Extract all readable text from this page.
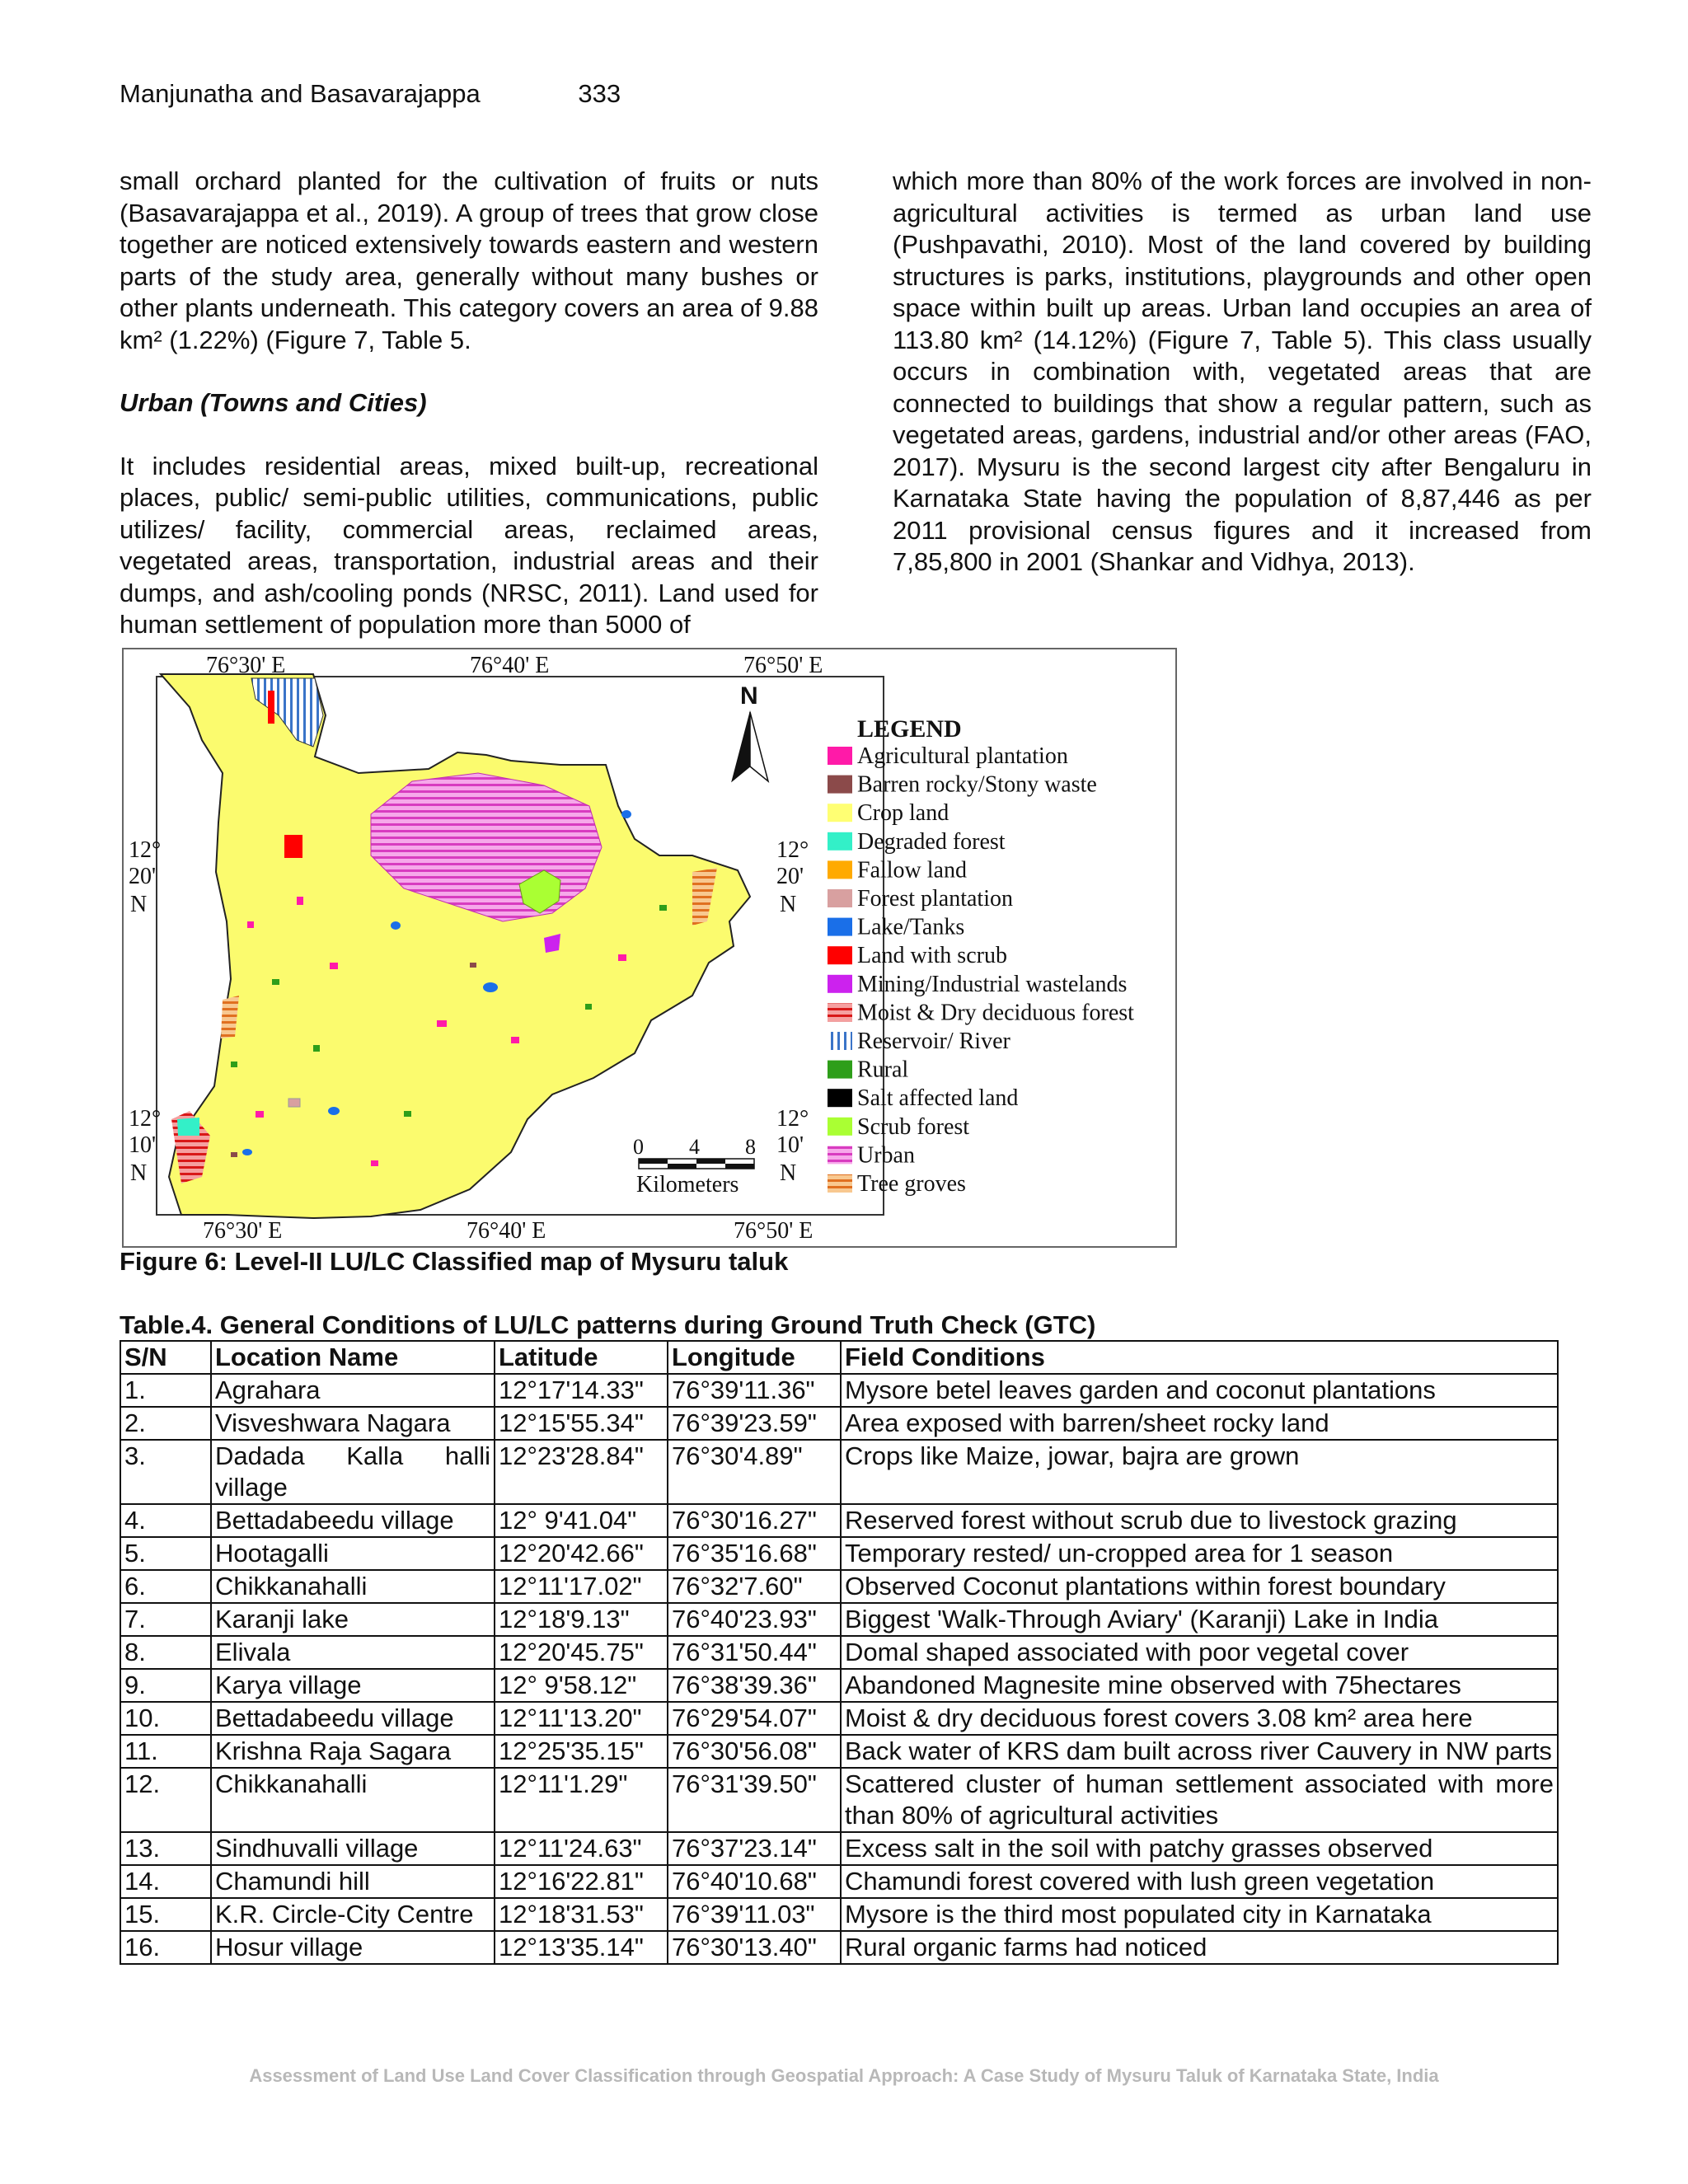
Manjunatha and Basavarajappa	333

small orchard planted for the cultivation of fruits or nuts (Basavarajappa et al., 2019). A group of trees that grow close together are noticed extensively towards eastern and western parts of the study area, generally without many bushes or other plants underneath. This category covers an area of 9.88 km² (1.22%) (Figure 7, Table 5.

Urban (Towns and Cities)

It includes residential areas, mixed built-up, recreational places, public/ semi-public utilities, communications, public utilizes/ facility, commercial areas, reclaimed areas, vegetated areas, transportation, industrial areas and their dumps, and ash/cooling ponds (NRSC, 2011). Land used for human settlement of population more than 5000 of

which more than 80% of the work forces are involved in non-agricultural activities is termed as urban land use (Pushpavathi, 2010). Most of the land covered by building structures is parks, institutions, playgrounds and other open space within built up areas. Urban land occupies an area of 113.80 km² (14.12%) (Figure 7, Table 5). This class usually occurs in combination with, vegetated areas that are connected to buildings that show a regular pattern, such as vegetated areas, gardens, industrial and/or other areas (FAO, 2017). Mysuru is the second largest city after Bengaluru in Karnataka State having the population of 8,87,446 as per 2011 provisional census figures and it increased from 7,85,800 in 2001 (Shankar and Vidhya, 2013).

N
76°30' E	76°40' E	76°50' E
76°30' E	76°40' E	76°50' E
12°
20'
N
12°
10'
N
12°
20'
N
12°
10'
N
0 4 8
Kilometers
LEGEND
Agricultural plantation
Barren rocky/Stony waste
Crop land
Degraded forest
Fallow land
Forest plantation
Lake/Tanks
Land with scrub
Mining/Industrial wastelands
Moist & Dry deciduous forest
Reservoir/ River
Rural
Salt affected land
Scrub forest
Urban
Tree groves
Figure 6: Level-II LU/LC Classified map of Mysuru taluk
Table.4. General Conditions of LU/LC patterns during Ground Truth Check (GTC)
S/N	Location Name	Latitude	Longitude	Field Conditions
1.	Agrahara	12°17'14.33"	76°39'11.36"	Mysore betel leaves garden and coconut plantations
2.	Visveshwara Nagara	12°15'55.34"	76°39'23.59"	Area exposed with barren/sheet rocky land
3.	Dadada Kalla halli village	12°23'28.84"	76°30'4.89"	Crops like Maize, jowar, bajra are grown
4.	Bettadabeedu village	12° 9'41.04"	76°30'16.27"	Reserved forest without scrub due to livestock grazing
5.	Hootagalli	12°20'42.66"	76°35'16.68"	Temporary rested/ un-cropped area for 1 season
6.	Chikkanahalli	12°11'17.02"	76°32'7.60"	Observed Coconut plantations within forest boundary
7.	Karanji lake	12°18'9.13"	76°40'23.93"	Biggest 'Walk-Through Aviary' (Karanji) Lake in India
8.	Elivala	12°20'45.75"	76°31'50.44"	Domal shaped associated with poor vegetal cover
9.	Karya village	12° 9'58.12"	76°38'39.36"	Abandoned Magnesite mine observed with 75hectares
10.	Bettadabeedu village	12°11'13.20"	76°29'54.07"	Moist & dry deciduous forest covers 3.08 km² area here
11.	Krishna Raja Sagara	12°25'35.15"	76°30'56.08"	Back water of KRS dam built across river Cauvery in NW parts
12.	Chikkanahalli	12°11'1.29"	76°31'39.50"	Scattered cluster of human settlement associated with more than 80% of agricultural activities
13.	Sindhuvalli village	12°11'24.63"	76°37'23.14"	Excess salt in the soil with patchy grasses observed
14.	Chamundi hill	12°16'22.81"	76°40'10.68"	Chamundi forest covered with lush green vegetation
15.	K.R. Circle-City Centre	12°18'31.53"	76°39'11.03"	Mysore is the third most populated city in Karnataka
16.	Hosur village	12°13'35.14"	76°30'13.40"	Rural organic farms had noticed
Assessment of Land Use Land Cover Classification through Geospatial Approach: A Case Study of Mysuru Taluk of Karnataka State, India
